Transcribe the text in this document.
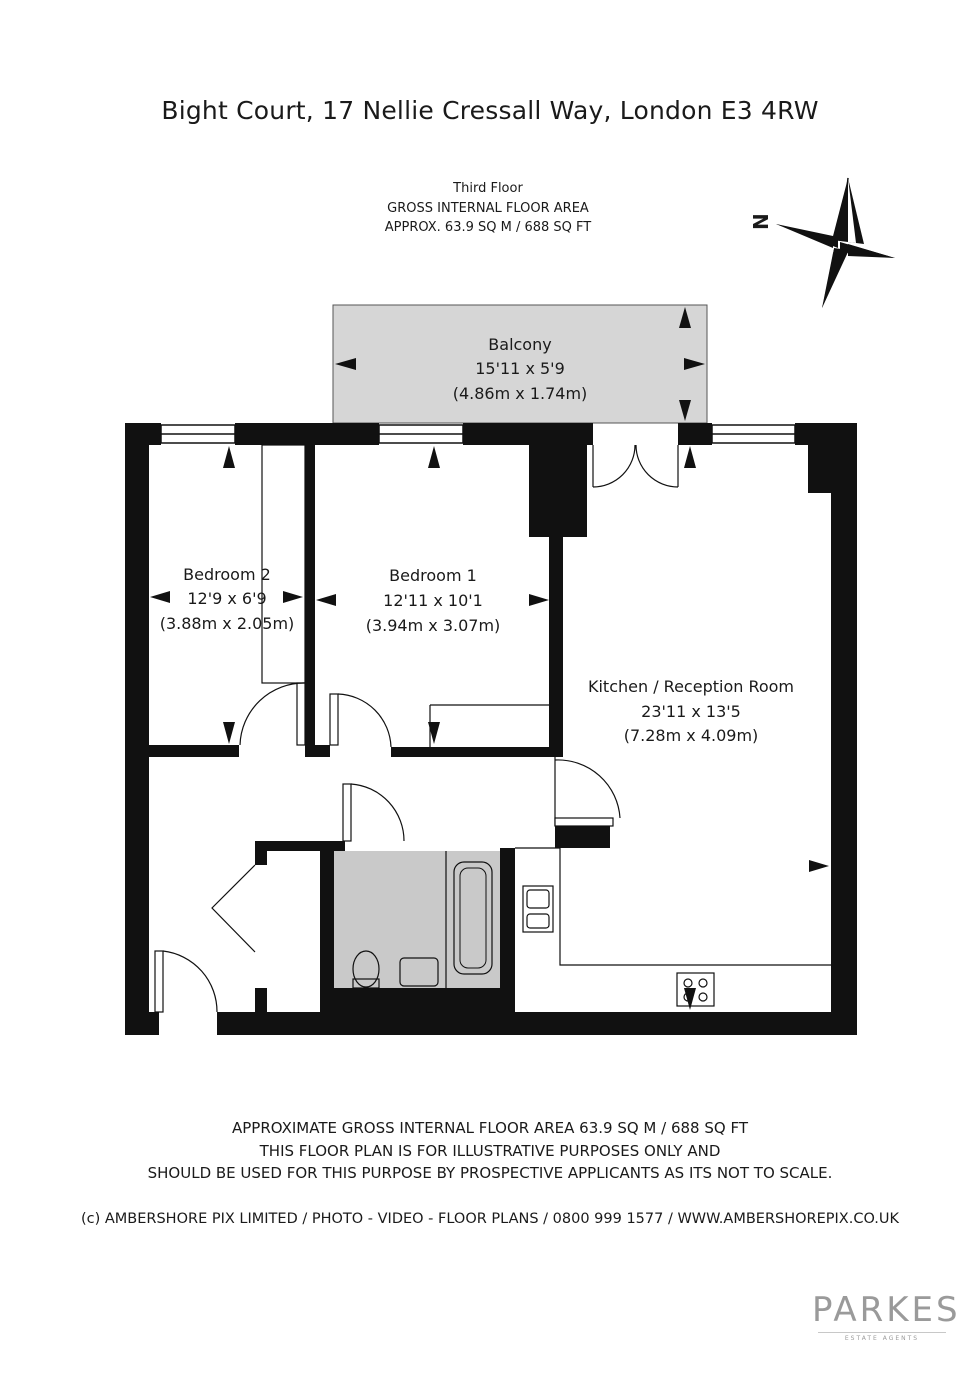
Bight Court, 17 Nellie Cressall Way, London E3 4RW
Third Floor
GROSS INTERNAL FLOOR AREA
APPROX. 63.9 SQ M / 688 SQ FT	N
Balcony
15'11 x 5'9
(4.86m x 1.74m)
Bedroom 2
12'9 x 6'9
(3.88m x 2.05m)
Bedroom 1
12'11 x 10'1
(3.94m x 3.07m)
Kitchen / Reception Room
23'11 x 13'5
(7.28m x 4.09m)
APPROXIMATE GROSS INTERNAL FLOOR AREA 63.9 SQ M / 688 SQ FT
THIS FLOOR PLAN IS FOR ILLUSTRATIVE PURPOSES ONLY AND
SHOULD BE USED FOR THIS PURPOSE BY PROSPECTIVE APPLICANTS AS ITS NOT TO SCALE.
(c) AMBERSHORE PIX LIMITED / PHOTO - VIDEO - FLOOR PLANS / 0800 999 1577 / WWW.AMBERSHOREPIX.CO.UK
PARKES
ESTATE AGENTS
